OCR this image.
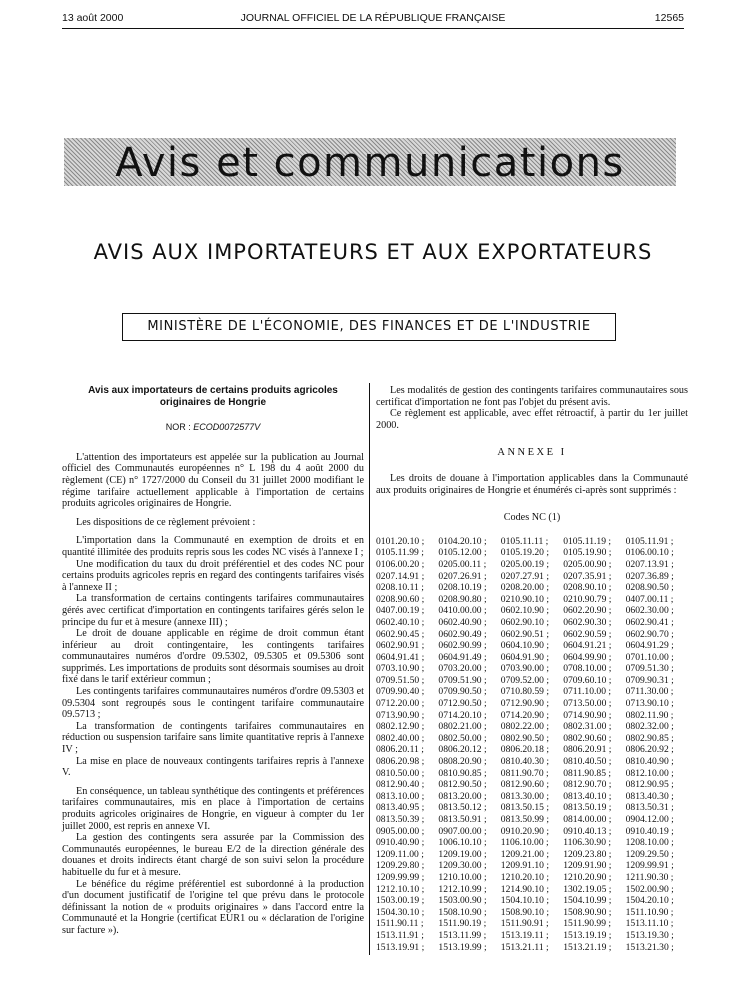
13 août 2000	JOURNAL OFFICIEL DE LA RÉPUBLIQUE FRANÇAISE	12565
Avis et communications
AVIS AUX IMPORTATEURS ET AUX EXPORTATEURS
MINISTÈRE DE L'ÉCONOMIE, DES FINANCES ET DE L'INDUSTRIE

Avis aux importateurs de certains produits agricoles originaires de Hongrie

NOR : ECOD0072577V

L'attention des importateurs est appelée sur la publication au Journal officiel des Communautés européennes n° L 198 du 4 août 2000 du règlement (CE) n° 1727/2000 du Conseil du 31 juillet 2000 modifiant le régime tarifaire actuellement applicable à l'importation de certains produits agricoles originaires de Hongrie.

Les dispositions de ce règlement prévoient :

L'importation dans la Communauté en exemption de droits et en quantité illimitée des produits repris sous les codes NC visés à l'annexe I ;

Une modification du taux du droit préférentiel et des codes NC pour certains produits agricoles repris en regard des contingents tarifaires visés à l'annexe II ;

La transformation de certains contingents tarifaires communautaires gérés avec certificat d'importation en contingents tarifaires gérés selon le principe du fur et à mesure (annexe III) ;

Le droit de douane applicable en régime de droit commun étant inférieur au droit contingentaire, les contingents tarifaires communautaires numéros d'ordre 09.5302, 09.5305 et 09.5306 sont supprimés. Les importations de produits sont désormais soumises au droit fixé dans le tarif extérieur commun ;

Les contingents tarifaires communautaires numéros d'ordre 09.5303 et 09.5304 sont regroupés sous le contingent tarifaire communautaire 09.5713 ;

La transformation de contingents tarifaires communautaires en réduction ou suspension tarifaire sans limite quantitative repris à l'annexe IV ;

La mise en place de nouveaux contingents tarifaires repris à l'annexe V.

En conséquence, un tableau synthétique des contingents et préférences tarifaires communautaires, mis en place à l'importation de certains produits agricoles originaires de Hongrie, en vigueur à compter du 1er juillet 2000, est repris en annexe VI.

La gestion des contingents sera assurée par la Commission des Communautés européennes, le bureau E/2 de la direction générale des douanes et droits indirects étant chargé de son suivi selon la procédure habituelle du fur et à mesure.

Le bénéfice du régime préférentiel est subordonné à la production d'un document justificatif de l'origine tel que prévu dans le protocole définissant la notion de « produits originaires » dans l'accord entre la Communauté et la Hongrie (certificat EUR1 ou « déclaration de l'origine sur facture »).

Les modalités de gestion des contingents tarifaires communautaires sous certificat d'importation ne font pas l'objet du présent avis.

Ce règlement est applicable, avec effet rétroactif, à partir du 1er juillet 2000.

ANNEXE I

Les droits de douane à l'importation applicables dans la Communauté aux produits originaires de Hongrie et énumérés ci-après sont supprimés :

Codes NC (1)
0101.20.10 ;	0104.20.10 ;	0105.11.11 ;	0105.11.19 ;	0105.11.91 ;
0105.11.99 ;	0105.12.00 ;	0105.19.20 ;	0105.19.90 ;	0106.00.10 ;
0106.00.20 ;	0205.00.11 ;	0205.00.19 ;	0205.00.90 ;	0207.13.91 ;
0207.14.91 ;	0207.26.91 ;	0207.27.91 ;	0207.35.91 ;	0207.36.89 ;
0208.10.11 ;	0208.10.19 ;	0208.20.00 ;	0208.90.10 ;	0208.90.50 ;
0208.90.60 ;	0208.90.80 ;	0210.90.10 ;	0210.90.79 ;	0407.00.11 ;
0407.00.19 ;	0410.00.00 ;	0602.10.90 ;	0602.20.90 ;	0602.30.00 ;
0602.40.10 ;	0602.40.90 ;	0602.90.10 ;	0602.90.30 ;	0602.90.41 ;
0602.90.45 ;	0602.90.49 ;	0602.90.51 ;	0602.90.59 ;	0602.90.70 ;
0602.90.91 ;	0602.90.99 ;	0604.10.90 ;	0604.91.21 ;	0604.91.29 ;
0604.91.41 ;	0604.91.49 ;	0604.91.90 ;	0604.99.90 ;	0701.10.00 ;
0703.10.90 ;	0703.20.00 ;	0703.90.00 ;	0708.10.00 ;	0709.51.30 ;
0709.51.50 ;	0709.51.90 ;	0709.52.00 ;	0709.60.10 ;	0709.90.31 ;
0709.90.40 ;	0709.90.50 ;	0710.80.59 ;	0711.10.00 ;	0711.30.00 ;
0712.20.00 ;	0712.90.50 ;	0712.90.90 ;	0713.50.00 ;	0713.90.10 ;
0713.90.90 ;	0714.20.10 ;	0714.20.90 ;	0714.90.90 ;	0802.11.90 ;
0802.12.90 ;	0802.21.00 ;	0802.22.00 ;	0802.31.00 ;	0802.32.00 ;
0802.40.00 ;	0802.50.00 ;	0802.90.50 ;	0802.90.60 ;	0802.90.85 ;
0806.20.11 ;	0806.20.12 ;	0806.20.18 ;	0806.20.91 ;	0806.20.92 ;
0806.20.98 ;	0808.20.90 ;	0810.40.30 ;	0810.40.50 ;	0810.40.90 ;
0810.50.00 ;	0810.90.85 ;	0811.90.70 ;	0811.90.85 ;	0812.10.00 ;
0812.90.40 ;	0812.90.50 ;	0812.90.60 ;	0812.90.70 ;	0812.90.95 ;
0813.10.00 ;	0813.20.00 ;	0813.30.00 ;	0813.40.10 ;	0813.40.30 ;
0813.40.95 ;	0813.50.12 ;	0813.50.15 ;	0813.50.19 ;	0813.50.31 ;
0813.50.39 ;	0813.50.91 ;	0813.50.99 ;	0814.00.00 ;	0904.12.00 ;
0905.00.00 ;	0907.00.00 ;	0910.20.90 ;	0910.40.13 ;	0910.40.19 ;
0910.40.90 ;	1006.10.10 ;	1106.10.00 ;	1106.30.90 ;	1208.10.00 ;
1209.11.00 ;	1209.19.00 ;	1209.21.00 ;	1209.23.80 ;	1209.29.50 ;
1209.29.80 ;	1209.30.00 ;	1209.91.10 ;	1209.91.90 ;	1209.99.91 ;
1209.99.99 ;	1210.10.00 ;	1210.20.10 ;	1210.20.90 ;	1211.90.30 ;
1212.10.10 ;	1212.10.99 ;	1214.90.10 ;	1302.19.05 ;	1502.00.90 ;
1503.00.19 ;	1503.00.90 ;	1504.10.10 ;	1504.10.99 ;	1504.20.10 ;
1504.30.10 ;	1508.10.90 ;	1508.90.10 ;	1508.90.90 ;	1511.10.90 ;
1511.90.11 ;	1511.90.19 ;	1511.90.91 ;	1511.90.99 ;	1513.11.10 ;
1513.11.91 ;	1513.11.99 ;	1513.19.11 ;	1513.19.19 ;	1513.19.30 ;
1513.19.91 ;	1513.19.99 ;	1513.21.11 ;	1513.21.19 ;	1513.21.30 ;
